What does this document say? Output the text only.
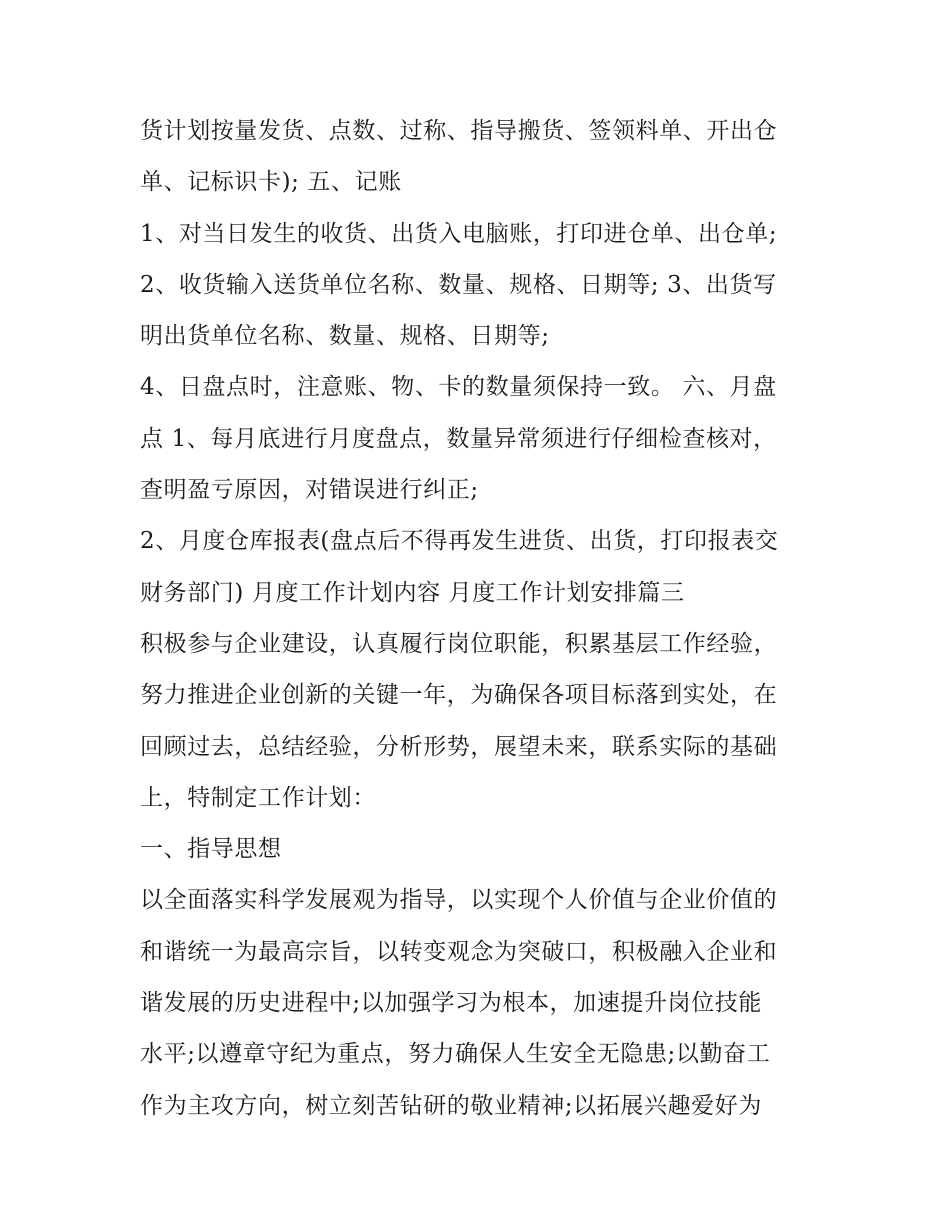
货计划按量发货、点数、过称、指导搬货、签领料单、开出仓
单、记标识卡); 五、记账
1、对当日发生的收货、出货入电脑账，打印进仓单、出仓单;
2、收货输入送货单位名称、数量、规格、日期等; 3、出货写
明出货单位名称、数量、规格、日期等;
4、日盘点时，注意账、物、卡的数量须保持一致。 六、月盘
点 1、每月底进行月度盘点，数量异常须进行仔细检查核对，
查明盈亏原因，对错误进行纠正;
2、月度仓库报表(盘点后不得再发生进货、出货，打印报表交
财务部门) 月度工作计划内容 月度工作计划安排篇三
积极参与企业建设，认真履行岗位职能，积累基层工作经验，
努力推进企业创新的关键一年，为确保各项目标落到实处，在
回顾过去，总结经验，分析形势，展望未来，联系实际的基础
上，特制定工作计划：
一、指导思想
以全面落实科学发展观为指导，以实现个人价值与企业价值的
和谐统一为最高宗旨，以转变观念为突破口，积极融入企业和
谐发展的历史进程中;以加强学习为根本，加速提升岗位技能
水平;以遵章守纪为重点，努力确保人生安全无隐患;以勤奋工
作为主攻方向，树立刻苦钻研的敬业精神;以拓展兴趣爱好为
